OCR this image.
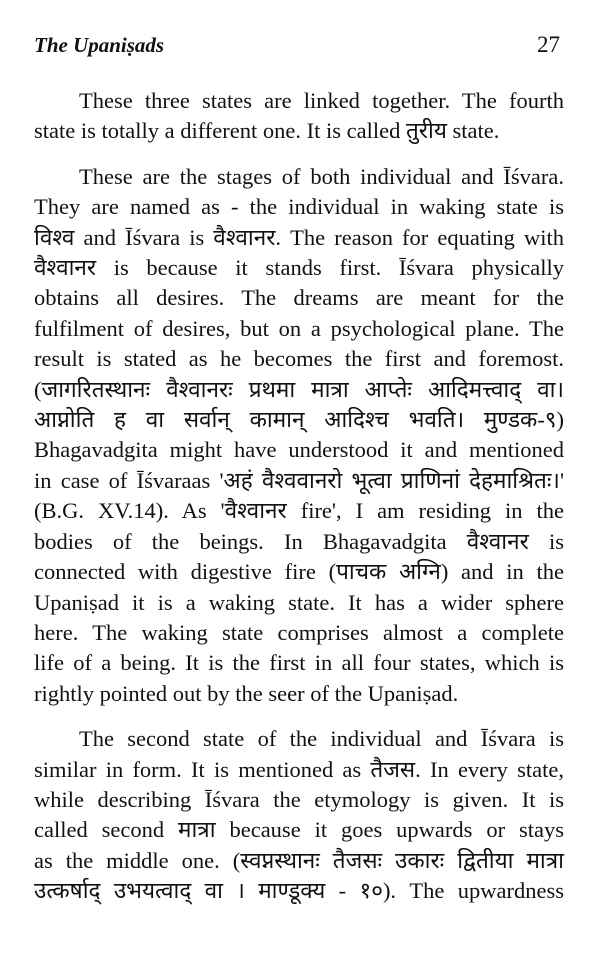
The Upaniṣads	27

These three states are linked together. The fourth
state is totally a different one. It is called तुरीय state.

These are the stages of both individual and Īśvara.
They are named as - the individual in waking state is
विश्व and Īśvara is वैश्वानर. The reason for equating with
वैश्वानर is because it stands first. Īśvara physically
obtains all desires. The dreams are meant for the
fulfilment of desires, but on a psychological plane. The
result is stated as he becomes the first and foremost.
(जागरितस्थानः वैश्वानरः प्रथमा मात्रा आप्तेः आदिमत्त्वाद् वा।
आप्नोति ह वा सर्वान् कामान् आदिश्च भवति। मुण्डक-९)
Bhagavadgita might have understood it and mentioned
in case of Īśvaraas 'अहं वैश्ववानरो भूत्वा प्राणिनां देहमाश्रितः।'
(B.G. XV.14). As 'वैश्वानर fire', I am residing in the
bodies of the beings. In Bhagavadgita वैश्वानर is
connected with digestive fire (पाचक अग्नि) and in the
Upaniṣad it is a waking state. It has a wider sphere
here. The waking state comprises almost a complete
life of a being. It is the first in all four states, which is
rightly pointed out by the seer of the Upaniṣad.

The second state of the individual and Īśvara is
similar in form. It is mentioned as तैजस. In every state,
while describing Īśvara the etymology is given. It is
called second मात्रा because it goes upwards or stays
as the middle one. (स्वप्नस्थानः तैजसः उकारः द्वितीया मात्रा
उत्कर्षाद् उभयत्वाद् वा । माण्डूक्य - १०). The upwardness
